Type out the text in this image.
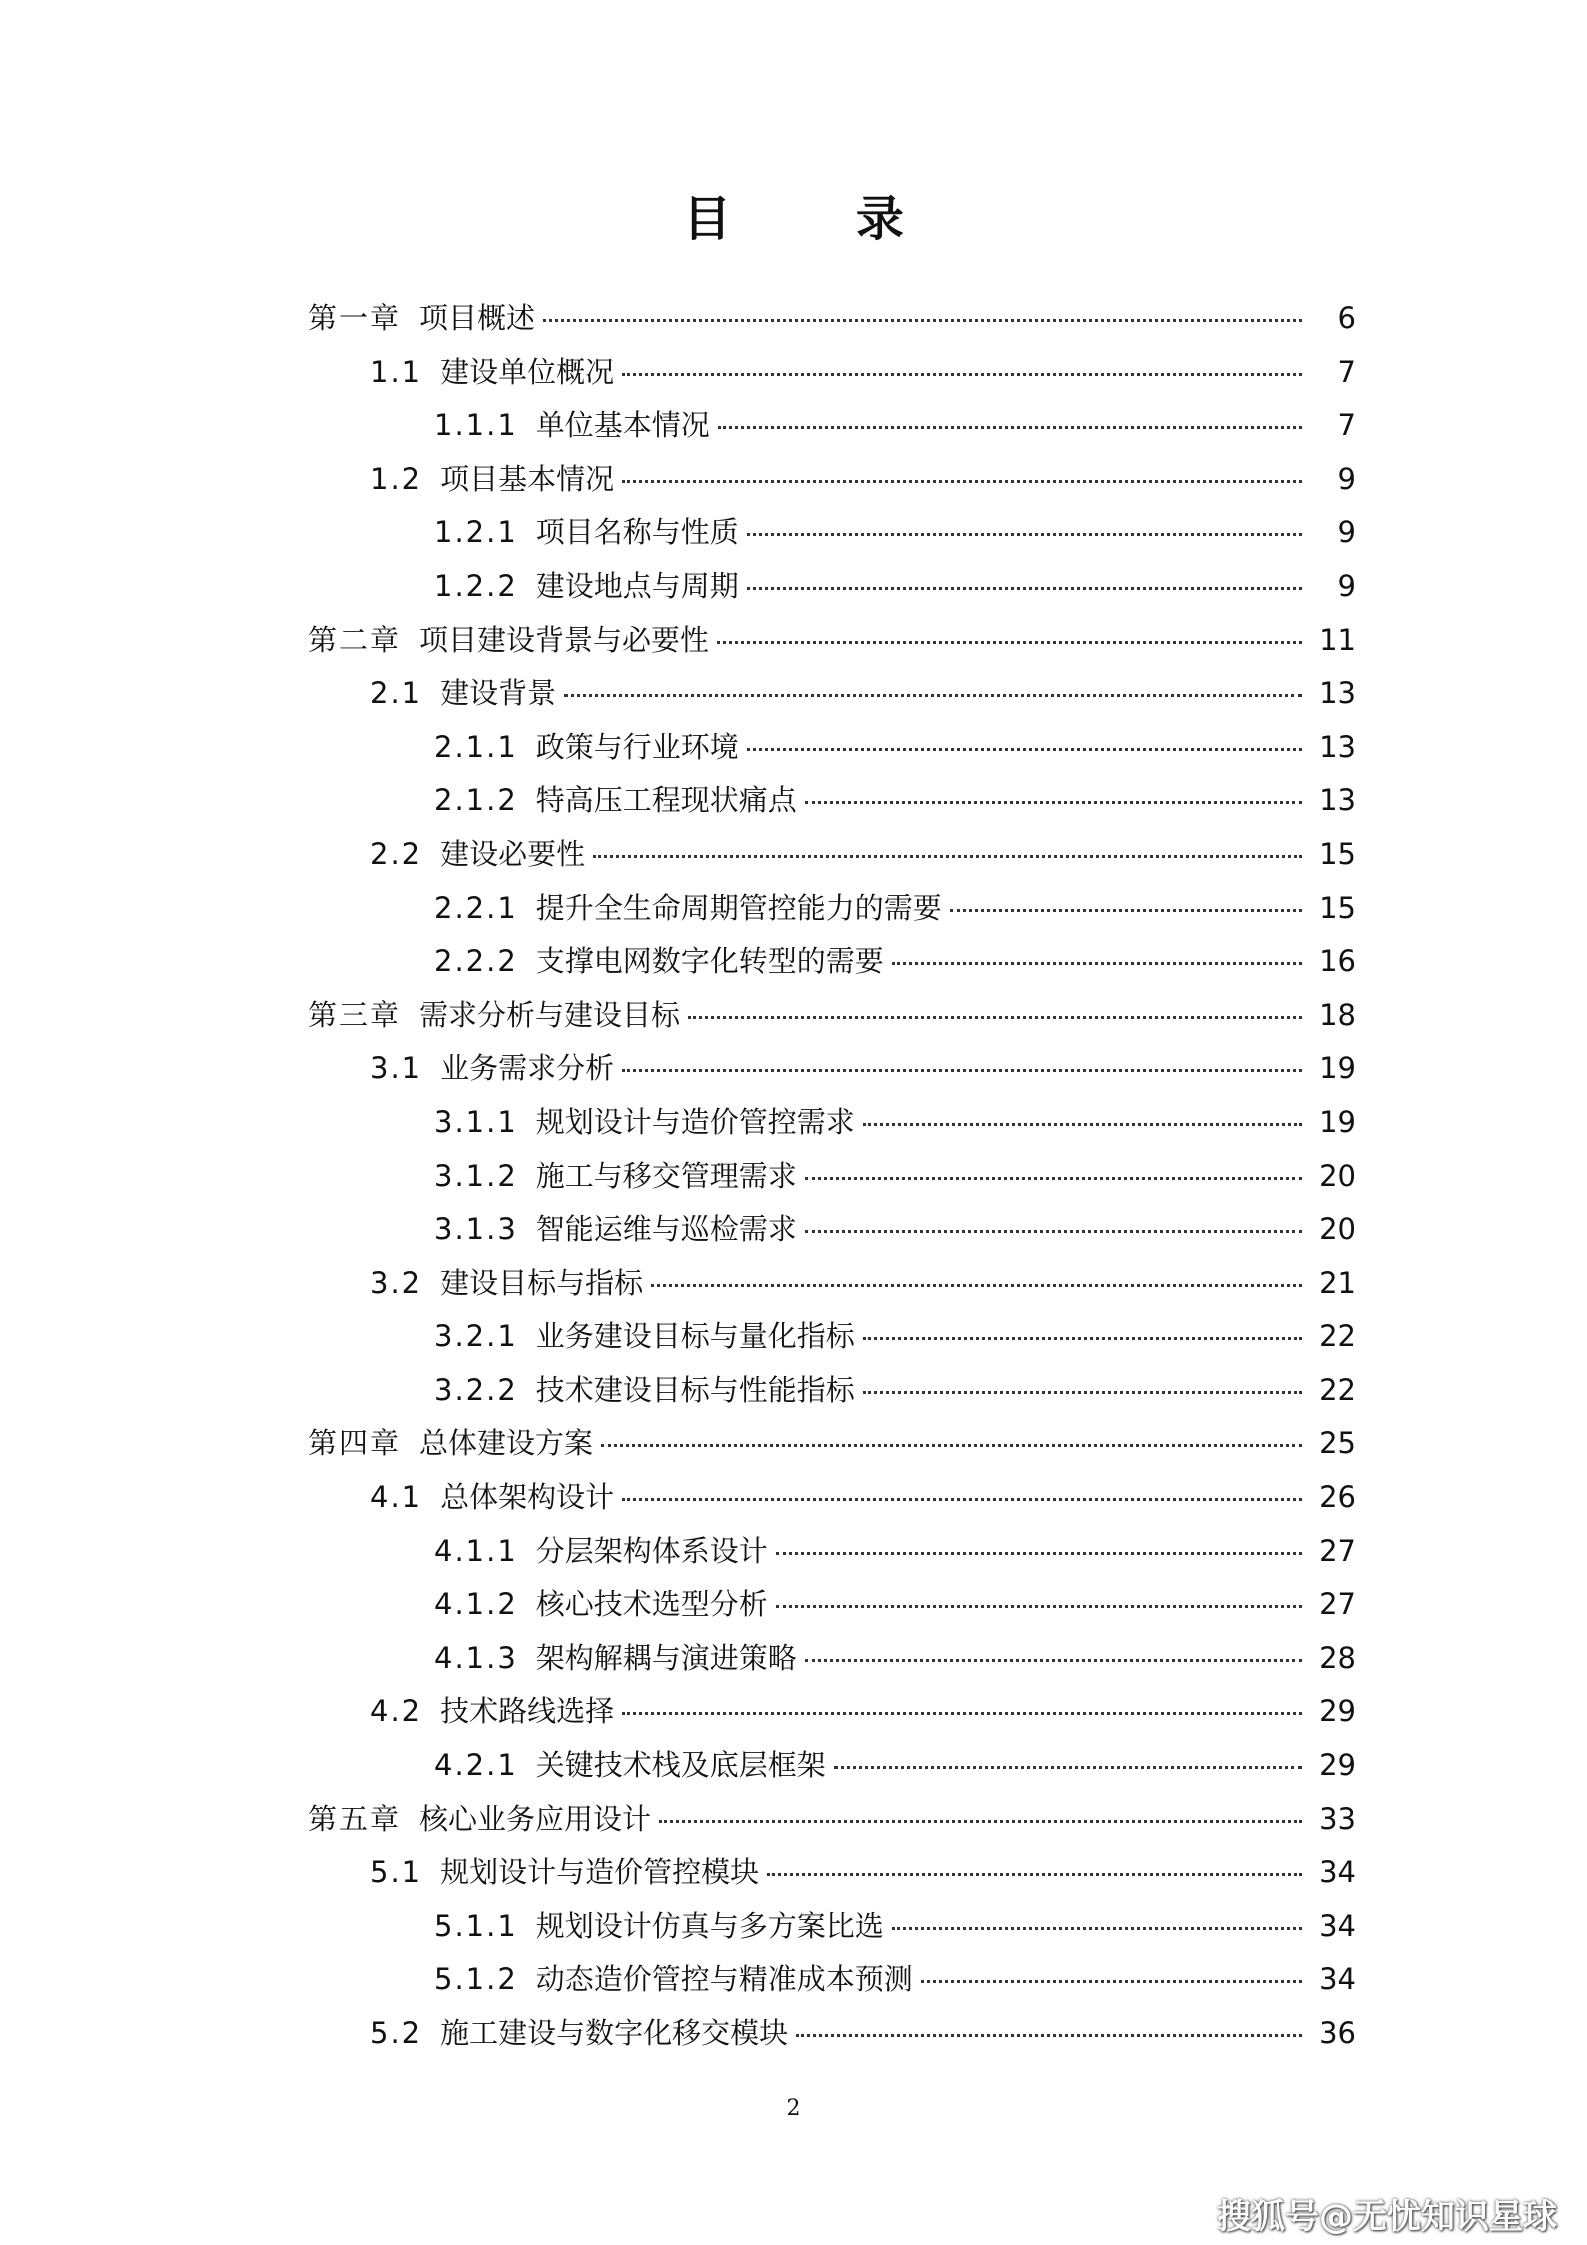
目 录
第一章 项目概述	6
1.1 建设单位概况	7
1.1.1 单位基本情况	7
1.2 项目基本情况	9
1.2.1 项目名称与性质	9
1.2.2 建设地点与周期	9
第二章 项目建设背景与必要性	11
2.1 建设背景	13
2.1.1 政策与行业环境	13
2.1.2 特高压工程现状痛点	13
2.2 建设必要性	15
2.2.1 提升全生命周期管控能力的需要	15
2.2.2 支撑电网数字化转型的需要	16
第三章 需求分析与建设目标	18
3.1 业务需求分析	19
3.1.1 规划设计与造价管控需求	19
3.1.2 施工与移交管理需求	20
3.1.3 智能运维与巡检需求	20
3.2 建设目标与指标	21
3.2.1 业务建设目标与量化指标	22
3.2.2 技术建设目标与性能指标	22
第四章 总体建设方案	25
4.1 总体架构设计	26
4.1.1 分层架构体系设计	27
4.1.2 核心技术选型分析	27
4.1.3 架构解耦与演进策略	28
4.2 技术路线选择	29
4.2.1 关键技术栈及底层框架	29
第五章 核心业务应用设计	33
5.1 规划设计与造价管控模块	34
5.1.1 规划设计仿真与多方案比选	34
5.1.2 动态造价管控与精准成本预测	34
5.2 施工建设与数字化移交模块	36
2
搜狐号@无忧知识星球
